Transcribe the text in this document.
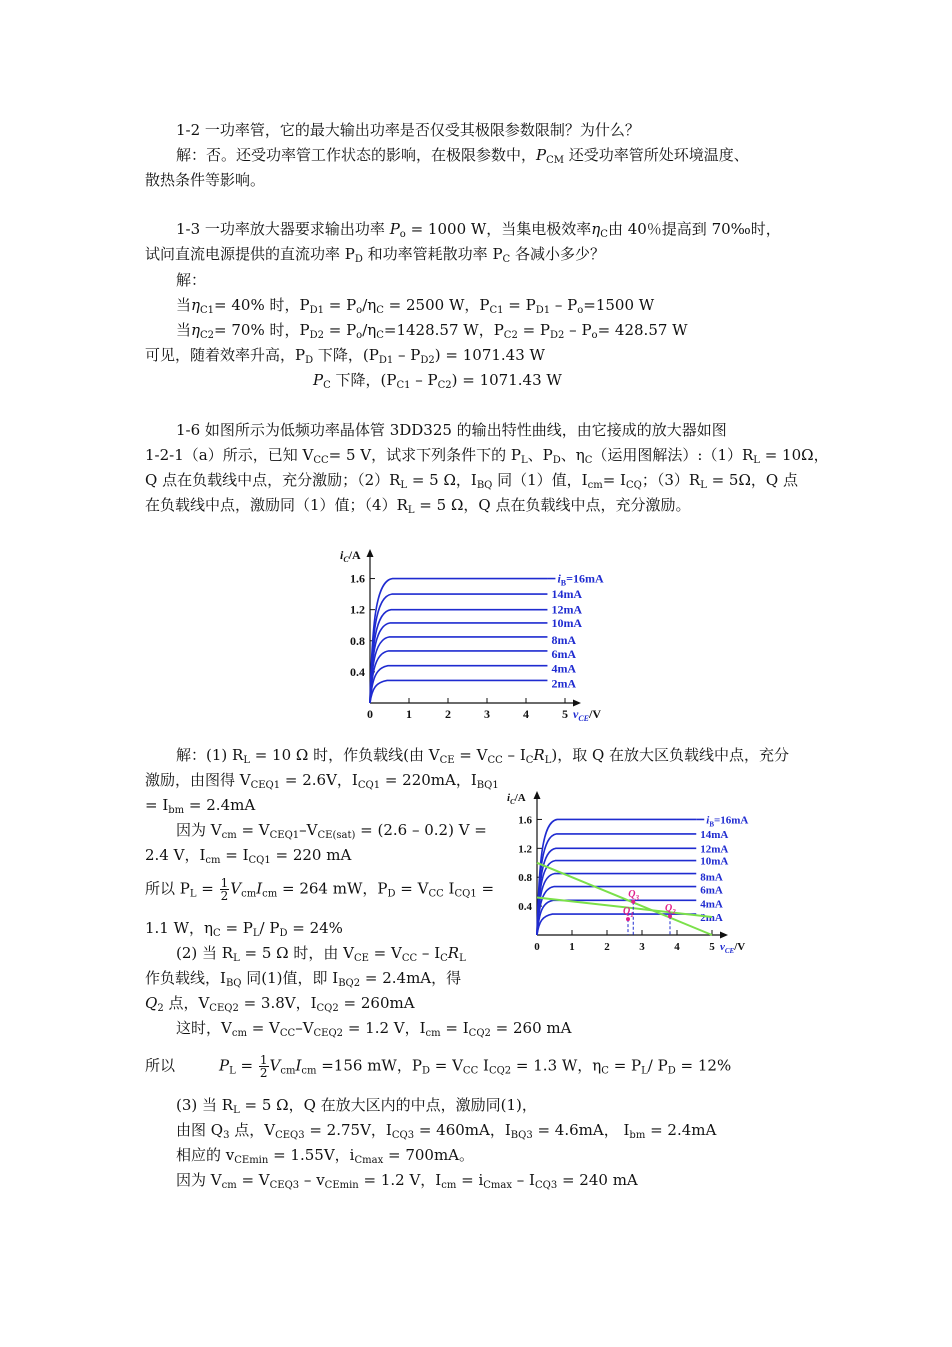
1-2 一功率管，它的最大输出功率是否仅受其极限参数限制？为什么？
解：否。还受功率管工作状态的影响，在极限参数中，$P_{CM}$ 还受功率管所处环境温度、
散热条件等影响。
1-3 一功率放大器要求输出功率 $P_o = 1000$ W，当集电极效率$\eta_C$由 40％提高到 70‰时，
试问直流电源提供的直流功率 $P_D$ 和功率管耗散功率 $P_C$ 各减小多少？
解：
当$\eta_{C1}= 40\%$ 时，$P_{D1} = P_o/\eta_C = 2500$ W，$P_{C1} = P_{D1} - P_o=1500$ W
当$\eta_{C2}= 70\%$ 时，$P_{D2} = P_o/\eta_C=1428.57$ W，$P_{C2} = P_{D2} - P_o= 428.57$ W
可见，随着效率升高，$P_D$ 下降，$(P_{D1} - P_{D2}) = 1071.43$ W
$P_C$ 下降，$(P_{C1} - P_{C2}) = 1071.43$ W
1-6 如图所示为低频功率晶体管 3DD325 的输出特性曲线，由它接成的放大器如图
1-2-1（a）所示，已知 $V_{CC}= 5$ V，试求下列条件下的 $P_L$、$P_D$、$\eta_C$（运用图解法）$:(1)R_L = 10\Omega$，
Q 点在负载线中点，充分激励；$(2)R_L = 5$ Ω，$I_{BQ}$ 同（1）值，$I_{cm}= I_{CQ}$；$(3)R_L = 5\Omega$，Q 点
在负载线中点，激励同（1）值；$(4)R_L = 5$ Ω，Q 点在负载线中点，充分激励。
1.6
1.2
0.8
0.4
0	1	2	3	4	5
$i_C/A$
$v_{CE}/V$
$i_B=16mA$
14mA
12mA
10mA
8mA
6mA
4mA
2mA
解：(1) $R_L = 10$ Ω 时，作负载线(由 $V_{CE} = V_{CC} - I_CR_L$)，取 Q 在放大区负载线中点，充分
激励，由图得 $V_{CEQ1} = 2.6V$，$I_{CQ1} = 220mA$，$I_{BQ1}$
= $I_{bm} = 2.4mA$
因为 $V_{cm} = V_{CEQ1}-V_{CE(sat)} = (2.6 - 0.2) V$ =
2.4 V，$I_{cm} = I_{CQ1} = 220$ mA
所以 $P_L = \frac{1}{2} V_{cm}I_{cm} = 264$ mW，$P_D = V_{CC}$ $I_{CQ1}$ =
1.1 W，$\eta_C = P_L/$ $P_D = 24\%$
(2) 当 $R_L = 5$ Ω 时，由 $V_{CE} = V_{CC} - I_CR_L$
作负载线，$I_{BQ}$ 同(1)值，即 $I_{BQ2} = 2.4mA$，得
$Q_2$ 点，$V_{CEQ2} = 3.8V$，$I_{CQ2} = 260mA$
这时，$V_{cm} = V_{CC}-V_{CEQ2} = 1.2$ V，$I_{cm} = I_{CQ2} = 260$ mA
所以	$P_L = \frac{1}{2} V_{cm}I_{cm} =156$ mW，$P_D = V_{CC}$ $I_{CQ2} = 1.3$ W，$\eta_C = P_L/$ $P_D = 12\%$
(3) 当 $R_L = 5$ Ω，Q 在放大区内的中点，激励同(1)，
由图 $Q_3$ 点，$V_{CEQ3} = 2.75V$，$I_{CQ3} = 460mA$，$I_{BQ3} = 4.6mA$， $I_{bm} = 2.4mA$
相应的 $v_{CEmin} = 1.55V$，$i_{Cmax} = 700mA$。
因为 $V_{cm} = V_{CEQ3} - v_{CEmin} = 1.2$ V，$I_{cm} = i_{Cmax} - I_{CQ3} = 240$ mA
1.6
1.2
0.8
0.4
0	1	2	3	4	5
$i_C/A$
$v_{CE}/V$
$i_B=16mA$
14mA
12mA
10mA
8mA
6mA
4mA
2mA
$Q_1$
$Q_2$
$Q_3$
